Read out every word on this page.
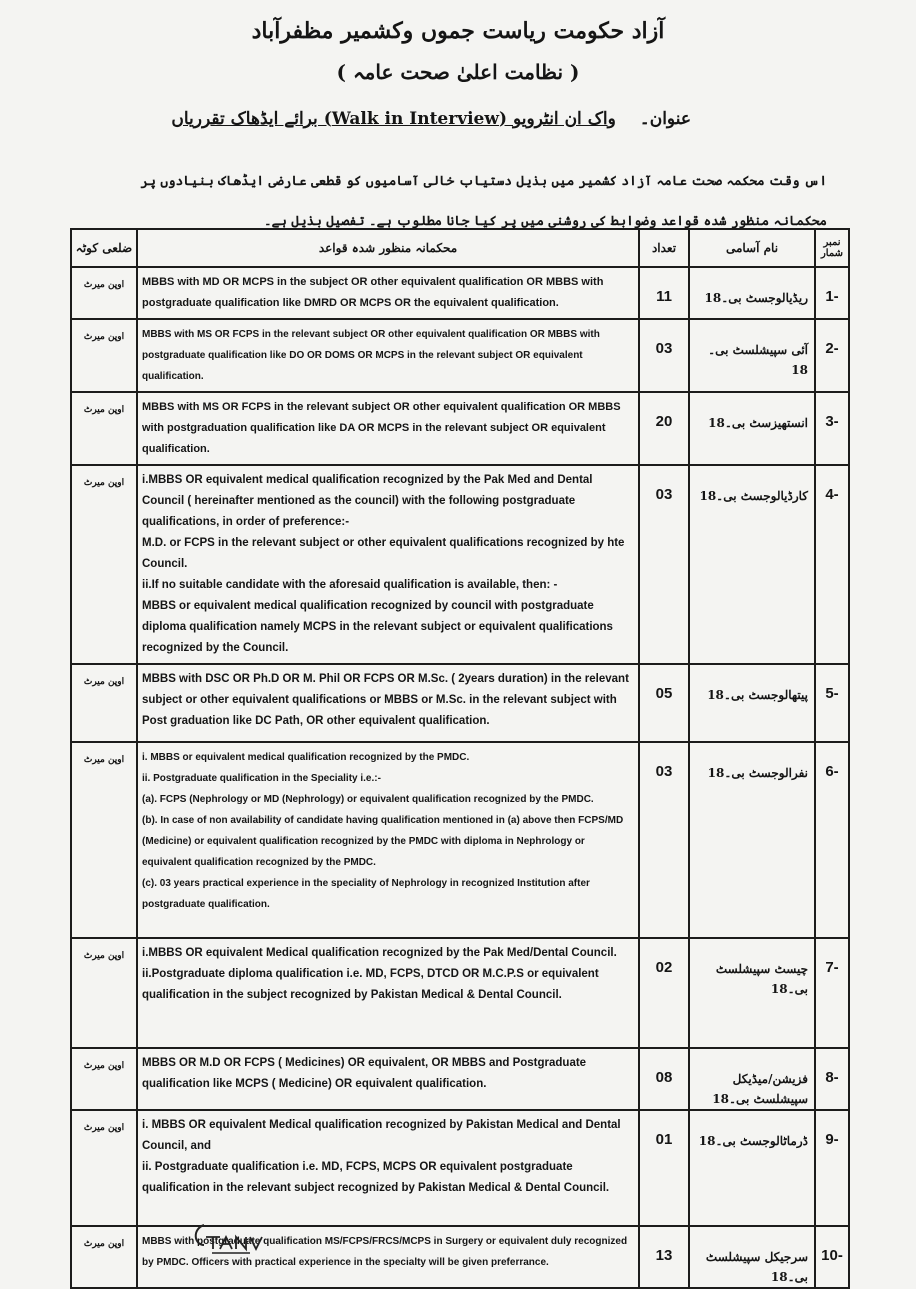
آزاد حکومت ریاست جموں وکشمیر مظفرآباد
( نظامت اعلیٰ صحت عامہ )
عنوان۔ واک ان انٹرویو (Walk in Interview) برائے ایڈھاک تقرریاں
اس وقت محکمہ صحت عامہ آزاد کشمیر میں بذیل دستیاب خالی آسامیوں کو قطعی عارضی ایڈھاک بنیادوں پر محکمانہ منظور شدہ قواعد وضوابط کی روشنی میں پر کیا جانا مطلوب ہے۔ تفصیل بذیل ہے۔
ضلعی کوٹہ	محکمانہ منظور شدہ قواعد	تعداد	نام آسامی	نمبر شمار
اوپن میرٹ	MBBS with MD OR MCPS in the subject OR other equivalent qualification OR MBBS with postgraduate qualification like DMRD OR MCPS OR the equivalent qualification.	11	ریڈیالوجسٹ بی۔18	1-
اوپن میرٹ	MBBS with MS OR FCPS in the relevant subject OR other equivalent qualification OR MBBS with postgraduate qualification like DO OR DOMS OR MCPS in the relevant subject OR equivalent qualification.	03	آئی سپیشلسٹ بی۔18	2-
اوپن میرٹ	MBBS with MS OR FCPS in the relevant subject OR other equivalent qualification OR MBBS with postgraduation qualification like DA OR MCPS in the relevant subject OR equivalent qualification.	20	انستھیزسٹ بی۔18	3-
اوپن میرٹ	i.MBBS OR equivalent medical qualification recognized by the Pak Med and Dental Council ( hereinafter mentioned as the council) with the following postgraduate qualifications, in order of preference:-
M.D. or FCPS in the relevant subject or other equivalent qualifications recognized by hte Council.
ii.If no suitable candidate with the aforesaid qualification is available, then: -
MBBS or equivalent medical qualification recognized by council with postgraduate diploma qualification namely MCPS in the relevant subject or equivalent qualifications recognized by the Council.	03	کارڈیالوجسٹ بی۔18	4-
اوپن میرٹ	MBBS with DSC OR Ph.D OR M. Phil OR FCPS OR M.Sc. ( 2years duration) in the relevant subject or other equivalent qualifications or MBBS or M.Sc. in the relevant subject with Post graduation like DC Path, OR other equivalent qualification.	05	پیتھالوجسٹ بی۔18	5-
اوپن میرٹ	i. MBBS or equivalent medical qualification recognized by the PMDC.
ii. Postgraduate qualification in the Speciality i.e.:-
(a). FCPS (Nephrology or MD (Nephrology) or equivalent qualification recognized by the PMDC.
(b). In case of non availability of candidate having qualification mentioned in (a) above then FCPS/MD (Medicine) or equivalent qualification recognized by the PMDC with diploma in Nephrology or equivalent qualification recognized by the PMDC.
(c). 03 years practical experience in the speciality of Nephrology in recognized Institution after postgraduate qualification.	03	نفرالوجسٹ بی۔18	6-
اوپن میرٹ	i.MBBS OR equivalent Medical qualification recognized by the Pak Med/Dental Council.
ii.Postgraduate diploma qualification i.e. MD, FCPS, DTCD OR M.C.P.S or equivalent qualification in the subject recognized by Pakistan Medical & Dental Council.	02	چیسٹ سپیشلسٹ بی۔18	7-
اوپن میرٹ	MBBS OR M.D OR FCPS ( Medicines) OR equivalent, OR MBBS and Postgraduate qualification like MCPS ( Medicine) OR equivalent qualification.	08	فزیشن/میڈیکل سپیشلسٹ بی۔18	8-
اوپن میرٹ	i. MBBS OR equivalent Medical qualification recognized by Pakistan Medical and Dental Council, and
ii. Postgraduate qualification i.e. MD, FCPS, MCPS OR equivalent postgraduate qualification in the relevant subject recognized by Pakistan Medical & Dental Council.	01	ڈرماٹالوجسٹ بی۔18	9-
اوپن میرٹ	MBBS with postgraduate qualification MS/FCPS/FRCS/MCPS in Surgery or equivalent duly recognized by PMDC. Officers with practical experience in the specialty will be given preferrance.	13	سرجیکل سپیشلسٹ بی۔18	10-
